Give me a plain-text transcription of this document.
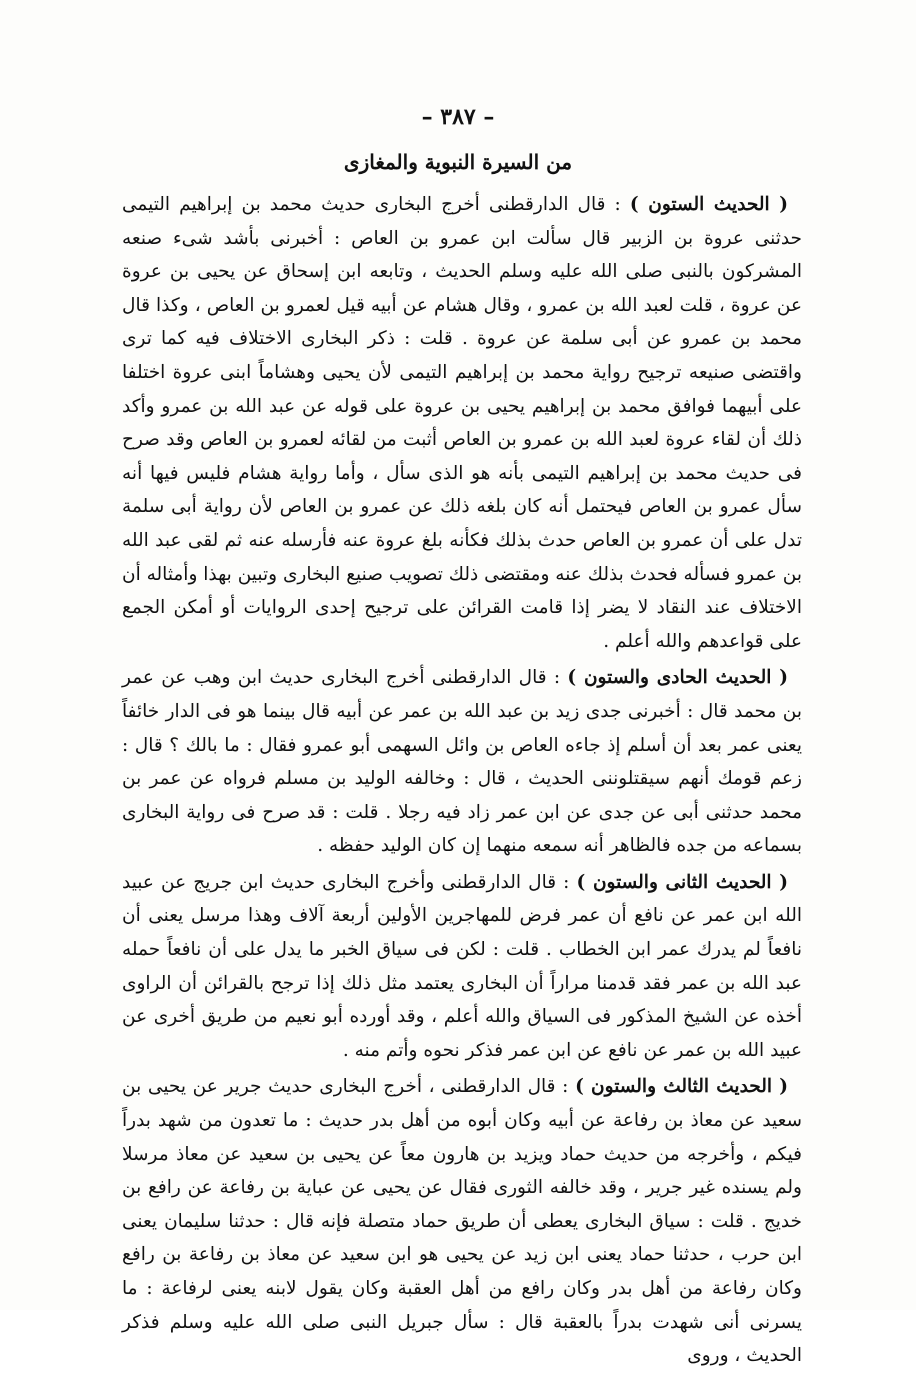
– ٣٨٧ –
من السيرة النبوية والمغازى

( الحديث الستون ) : قال الدارقطنى أخرج البخارى حديث محمد بن إبراهيم التيمى حدثنى عروة بن الزبير قال سألت ابن عمرو بن العاص : أخبرنى بأشد شىء صنعه المشركون بالنبى صلى الله عليه وسلم الحديث ، وتابعه ابن إسحاق عن يحيى بن عروة عن عروة ، قلت لعبد الله بن عمرو ، وقال هشام عن أبيه قيل لعمرو بن العاص ، وكذا قال محمد بن عمرو عن أبى سلمة عن عروة . قلت : ذكر البخارى الاختلاف فيه كما ترى واقتضى صنيعه ترجيح رواية محمد بن إبراهيم التيمى لأن يحيى وهشاماً ابنى عروة اختلفا على أبيهما فوافق محمد بن إبراهيم يحيى بن عروة على قوله عن عبد الله بن عمرو وأكد ذلك أن لقاء عروة لعبد الله بن عمرو بن العاص أثبت من لقائه لعمرو بن العاص وقد صرح فى حديث محمد بن إبراهيم التيمى بأنه هو الذى سأل ، وأما رواية هشام فليس فيها أنه سأل عمرو بن العاص فيحتمل أنه كان بلغه ذلك عن عمرو بن العاص لأن رواية أبى سلمة تدل على أن عمرو بن العاص حدث بذلك فكأنه بلغ عروة عنه فأرسله عنه ثم لقى عبد الله بن عمرو فسأله فحدث بذلك عنه ومقتضى ذلك تصويب صنيع البخارى وتبين بهذا وأمثاله أن الاختلاف عند النقاد لا يضر إذا قامت القرائن على ترجيح إحدى الروايات أو أمكن الجمع على قواعدهم والله أعلم .

( الحديث الحادى والستون ) : قال الدارقطنى أخرج البخارى حديث ابن وهب عن عمر بن محمد قال : أخبرنى جدى زيد بن عبد الله بن عمر عن أبيه قال بينما هو فى الدار خائفاً يعنى عمر بعد أن أسلم إذ جاءه العاص بن وائل السهمى أبو عمرو فقال : ما بالك ؟ قال : زعم قومك أنهم سيقتلوننى الحديث ، قال : وخالفه الوليد بن مسلم فرواه عن عمر بن محمد حدثنى أبى عن جدى عن ابن عمر زاد فيه رجلا . قلت : قد صرح فى رواية البخارى بسماعه من جده فالظاهر أنه سمعه منهما إن كان الوليد حفظه .

( الحديث الثانى والستون ) : قال الدارقطنى وأخرج البخارى حديث ابن جريج عن عبيد الله ابن عمر عن نافع أن عمر فرض للمهاجرين الأولين أربعة آلاف وهذا مرسل يعنى أن نافعاً لم يدرك عمر ابن الخطاب . قلت : لكن فى سياق الخبر ما يدل على أن نافعاً حمله عبد الله بن عمر فقد قدمنا مراراً أن البخارى يعتمد مثل ذلك إذا ترجح بالقرائن أن الراوى أخذه عن الشيخ المذكور فى السياق والله أعلم ، وقد أورده أبو نعيم من طريق أخرى عن عبيد الله بن عمر عن نافع عن ابن عمر فذكر نحوه وأتم منه .

( الحديث الثالث والستون ) : قال الدارقطنى ، أخرج البخارى حديث جرير عن يحيى بن سعيد عن معاذ بن رفاعة عن أبيه وكان أبوه من أهل بدر حديث : ما تعدون من شهد بدراً فيكم ، وأخرجه من حديث حماد ويزيد بن هارون معاً عن يحيى بن سعيد عن معاذ مرسلا ولم يسنده غير جرير ، وقد خالفه الثورى فقال عن يحيى عن عباية بن رفاعة عن رافع بن خديج . قلت : سياق البخارى يعطى أن طريق حماد متصلة فإنه قال : حدثنا سليمان يعنى ابن حرب ، حدثنا حماد يعنى ابن زيد عن يحيى هو ابن سعيد عن معاذ بن رفاعة بن رافع وكان رفاعة من أهل بدر وكان رافع من أهل العقبة وكان يقول لابنه يعنى لرفاعة : ما يسرنى أنى شهدت بدراً بالعقبة قال : سأل جبريل النبى صلى الله عليه وسلم فذكر الحديث ، وروى
